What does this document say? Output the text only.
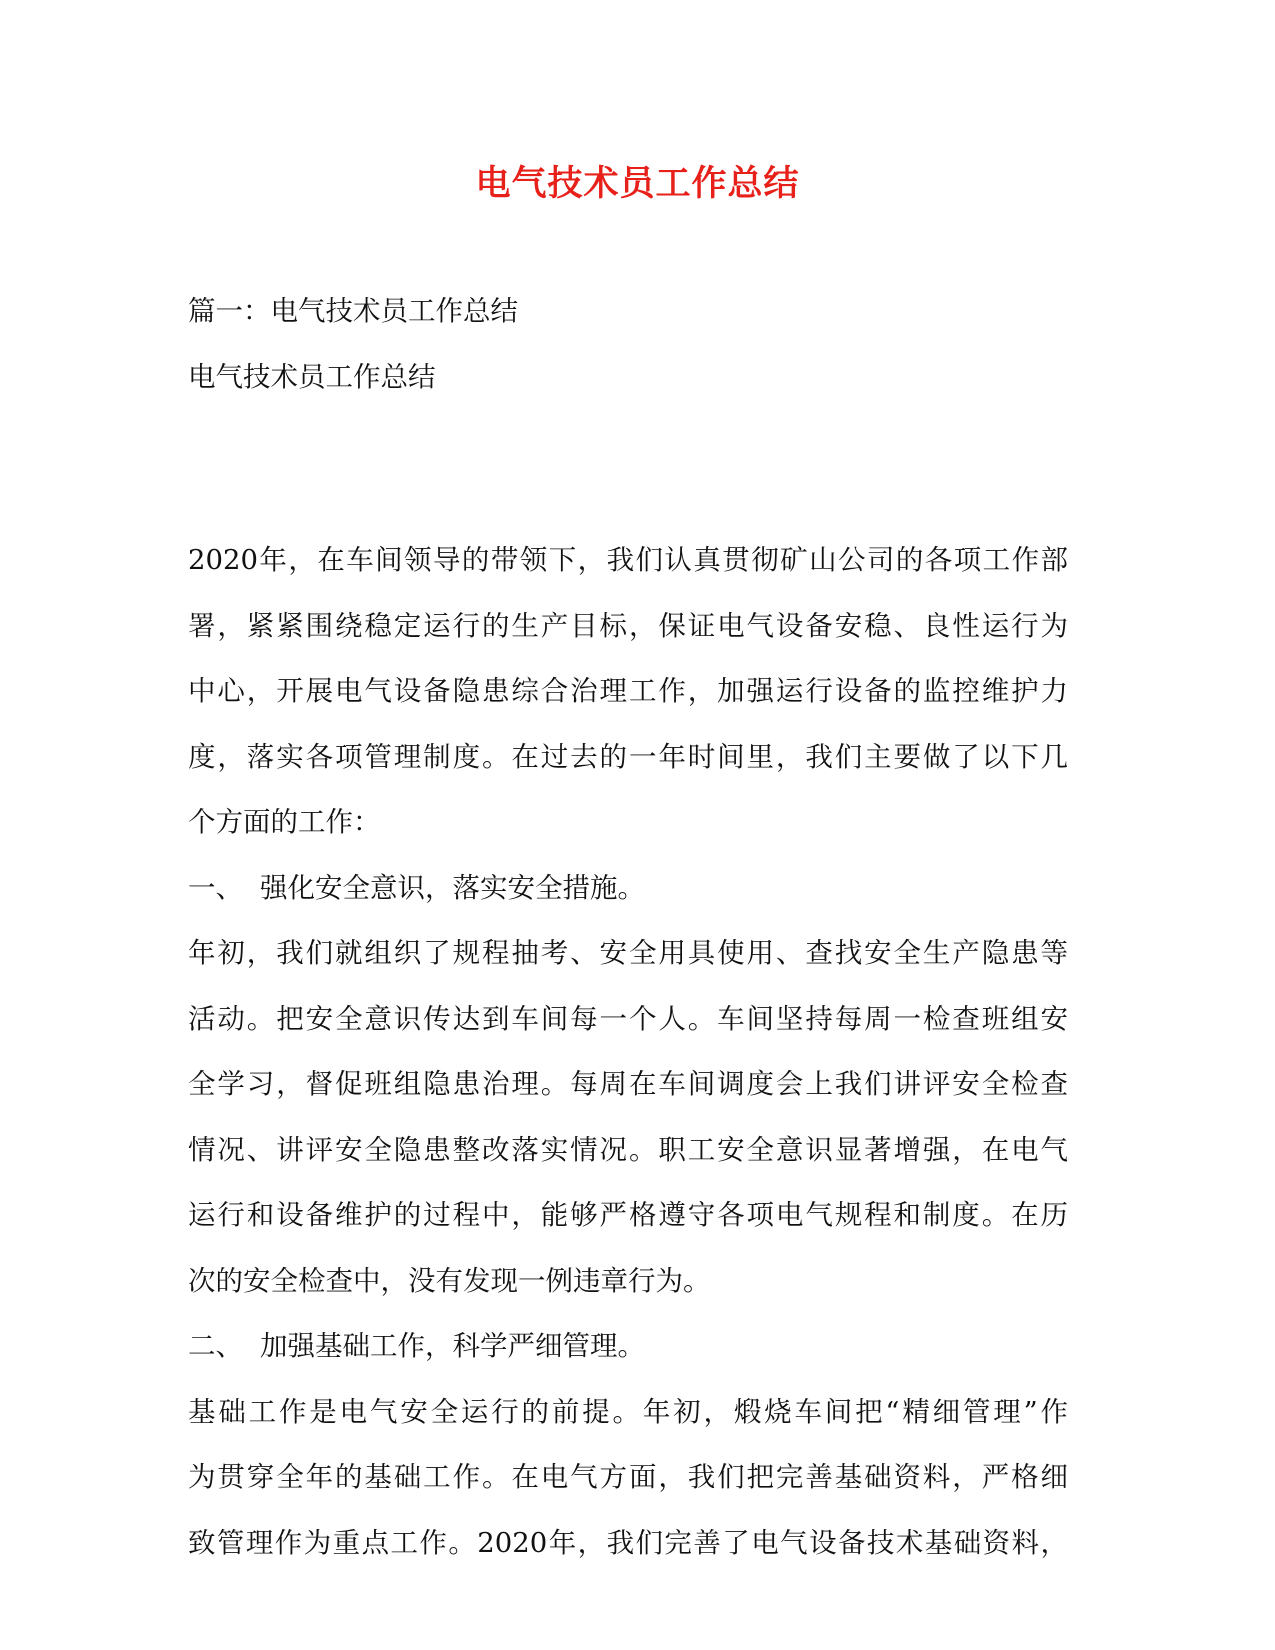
电气技术员工作总结
篇一：电气技术员工作总结
电气技术员工作总结
2020年，在车间领导的带领下，我们认真贯彻矿山公司的各项工作部
署，紧紧围绕稳定运行的生产目标，保证电气设备安稳、良性运行为
中心，开展电气设备隐患综合治理工作，加强运行设备的监控维护力
度，落实各项管理制度。在过去的一年时间里，我们主要做了以下几
个方面的工作：
一、 强化安全意识，落实安全措施。
年初，我们就组织了规程抽考、安全用具使用、查找安全生产隐患等
活动。把安全意识传达到车间每一个人。车间坚持每周一检查班组安
全学习，督促班组隐患治理。每周在车间调度会上我们讲评安全检查
情况、讲评安全隐患整改落实情况。职工安全意识显著增强，在电气
运行和设备维护的过程中，能够严格遵守各项电气规程和制度。在历
次的安全检查中，没有发现一例违章行为。
二、 加强基础工作，科学严细管理。
基础工作是电气安全运行的前提。年初，煅烧车间把“精细管理”作
为贯穿全年的基础工作。在电气方面，我们把完善基础资料，严格细
致管理作为重点工作。2020年，我们完善了电气设备技术基础资料，
